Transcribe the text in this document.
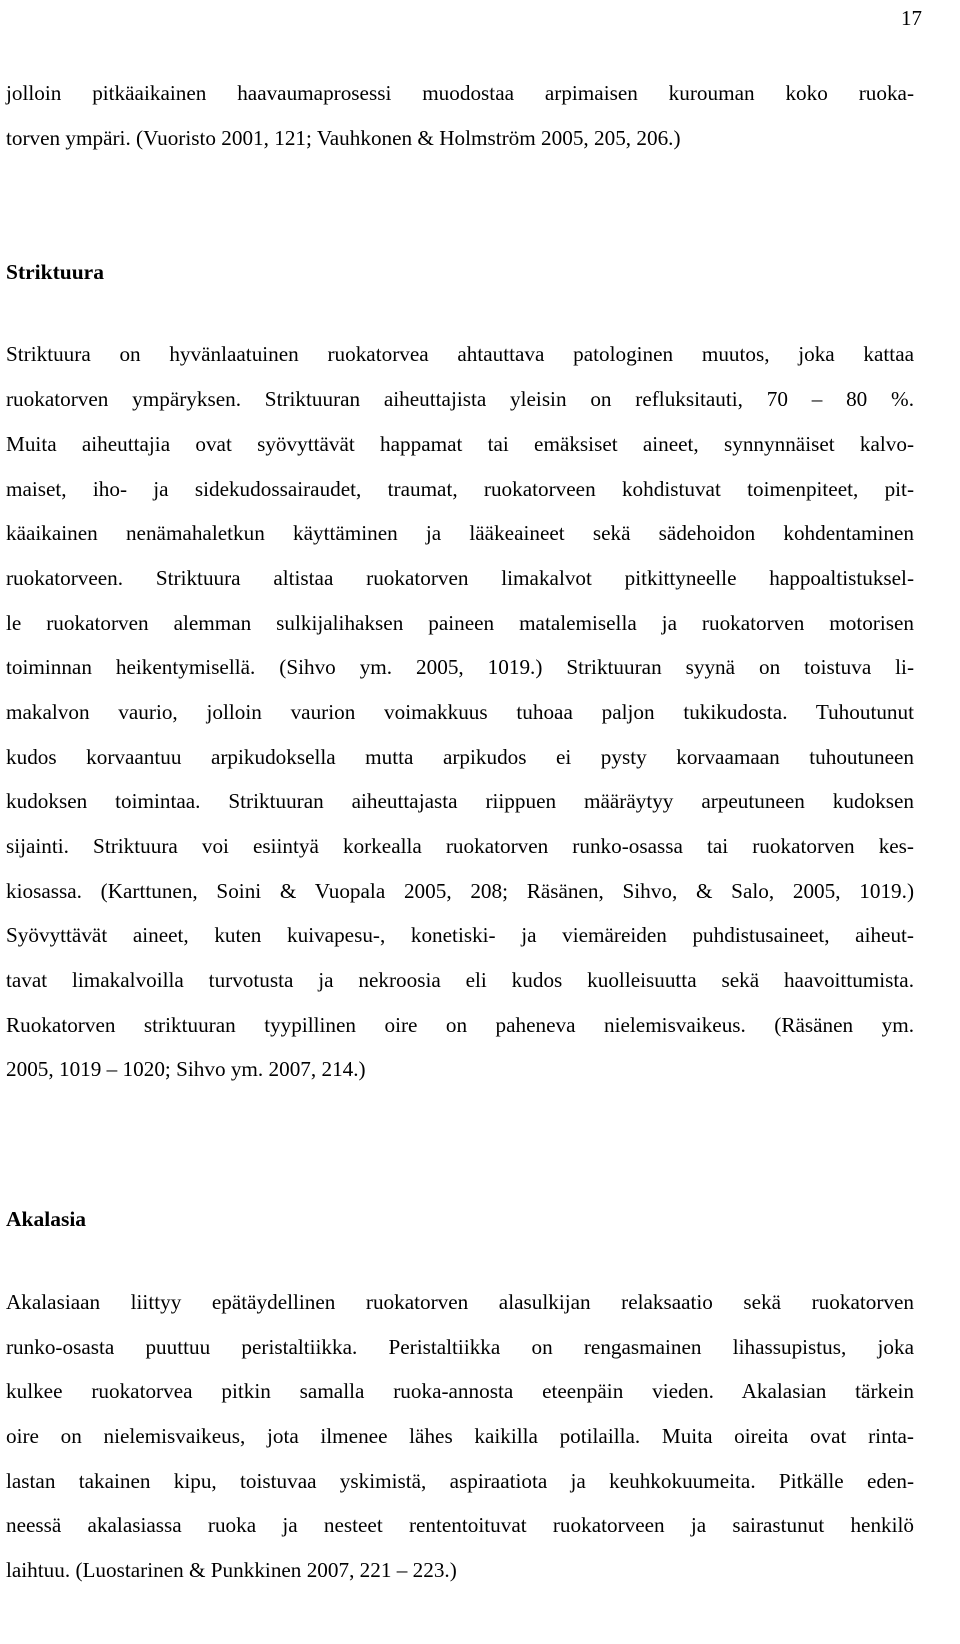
17
jolloin pitkäaikainen haavaumaprosessi muodostaa arpimaisen kurouman koko ruoka-
torven ympäri. (Vuoristo 2001, 121; Vauhkonen & Holmström 2005, 205, 206.)
Striktuura
Striktuura on hyvänlaatuinen ruokatorvea ahtauttava patologinen muutos, joka kattaa
ruokatorven ympäryksen. Striktuuran aiheuttajista yleisin on refluksitauti, 70 – 80 %.
Muita aiheuttajia ovat syövyttävät happamat tai emäksiset aineet, synnynnäiset kalvo-
maiset, iho- ja sidekudossairaudet, traumat, ruokatorveen kohdistuvat toimenpiteet, pit-
käaikainen nenämahaletkun käyttäminen ja lääkeaineet sekä sädehoidon kohdentaminen
ruokatorveen. Striktuura altistaa ruokatorven limakalvot pitkittyneelle happoaltistuksel-
le ruokatorven alemman sulkijalihaksen paineen matalemisella ja ruokatorven motorisen
toiminnan heikentymisellä. (Sihvo ym. 2005, 1019.) Striktuuran syynä on toistuva li-
makalvon vaurio, jolloin vaurion voimakkuus tuhoaa paljon tukikudosta. Tuhoutunut
kudos korvaantuu arpikudoksella mutta arpikudos ei pysty korvaamaan tuhoutuneen
kudoksen toimintaa. Striktuuran aiheuttajasta riippuen määräytyy arpeutuneen kudoksen
sijainti. Striktuura voi esiintyä korkealla ruokatorven runko-osassa tai ruokatorven kes-
kiosassa. (Karttunen, Soini & Vuopala 2005, 208; Räsänen, Sihvo, & Salo, 2005, 1019.)
Syövyttävät aineet, kuten kuivapesu-, konetiski- ja viemäreiden puhdistusaineet, aiheut-
tavat limakalvoilla turvotusta ja nekroosia eli kudos kuolleisuutta sekä haavoittumista.
Ruokatorven striktuuran tyypillinen oire on paheneva nielemisvaikeus. (Räsänen ym.
2005, 1019 – 1020; Sihvo ym. 2007, 214.)
Akalasia
Akalasiaan liittyy epätäydellinen ruokatorven alasulkijan relaksaatio sekä ruokatorven
runko-osasta puuttuu peristaltiikka. Peristaltiikka on rengasmainen lihassupistus, joka
kulkee ruokatorvea pitkin samalla ruoka-annosta eteenpäin vieden. Akalasian tärkein
oire on nielemisvaikeus, jota ilmenee lähes kaikilla potilailla. Muita oireita ovat rinta-
lastan takainen kipu, toistuvaa yskimistä, aspiraatiota ja keuhkokuumeita. Pitkälle eden-
neessä akalasiassa ruoka ja nesteet rententoituvat ruokatorveen ja sairastunut henkilö
laihtuu. (Luostarinen & Punkkinen 2007, 221 – 223.)
